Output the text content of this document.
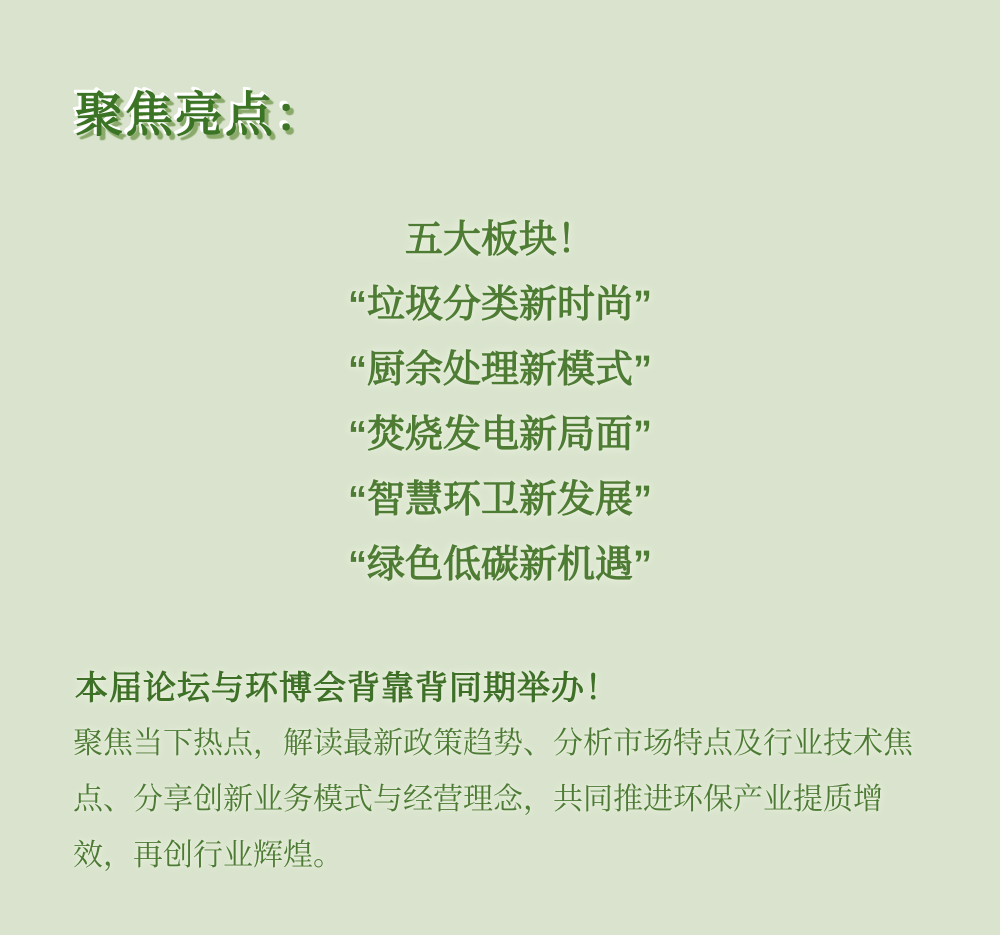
聚焦亮点：
五大板块！
“垃圾分类新时尚”
“厨余处理新模式”
“焚烧发电新局面”
“智慧环卫新发展”
“绿色低碳新机遇”
本届论坛与环博会背靠背同期举办！

聚焦当下热点，解读最新政策趋势、分析市场特点及行业技术焦

点、分享创新业务模式与经营理念，共同推进环保产业提质增

效，再创行业辉煌。
